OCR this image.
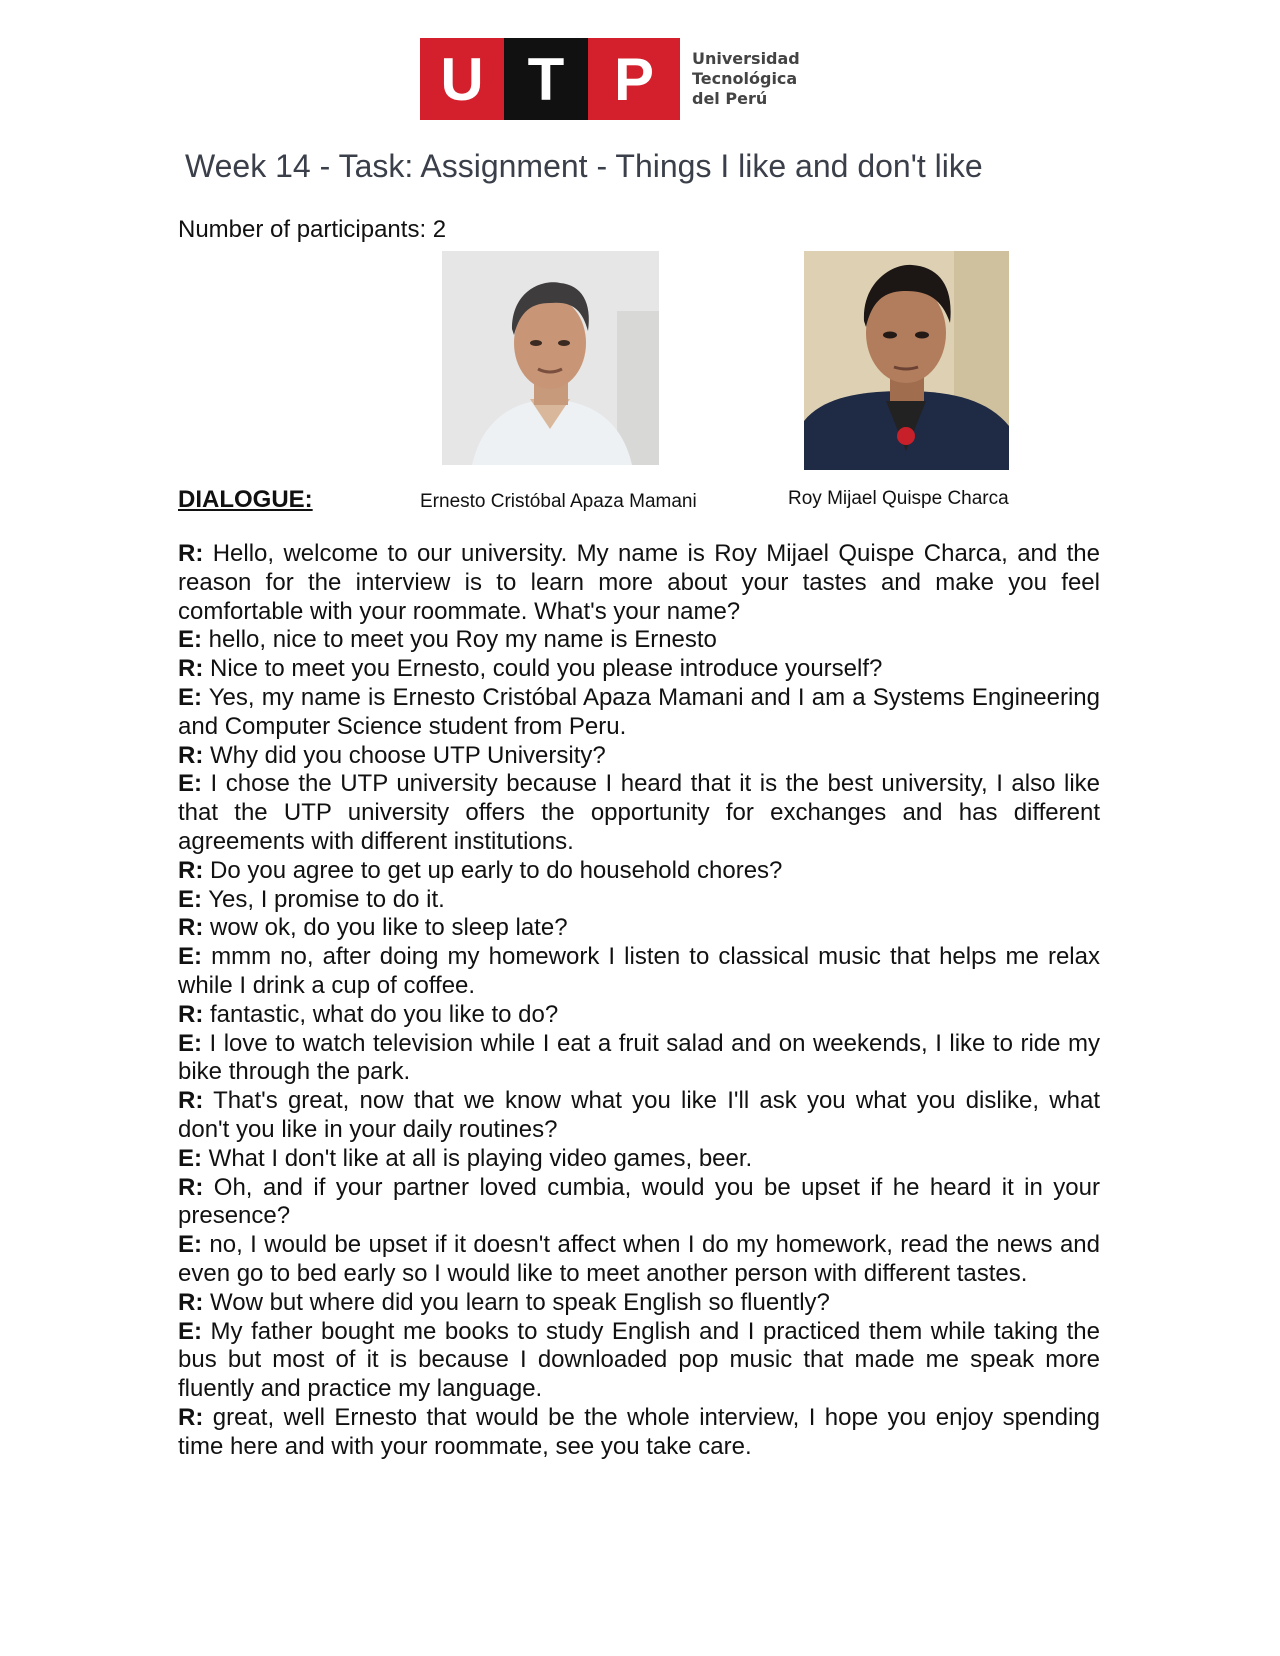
U T P Universidad
Tecnológica
del Perú
Week 14 - Task: Assignment - Things I like and don't like
Number of participants: 2
DIALOGUE:	Ernesto Cristóbal Apaza Mamani	Roy Mijael Quispe Charca

R: Hello, welcome to our university. My name is Roy Mijael Quispe Charca, and the reason for the interview is to learn more about your tastes and make you feel comfortable with your roommate. What's your name?

E: hello, nice to meet you Roy my name is Ernesto

R: Nice to meet you Ernesto, could you please introduce yourself?

E: Yes, my name is Ernesto Cristóbal Apaza Mamani and I am a Systems Engineering and Computer Science student from Peru.

R: Why did you choose UTP University?

E: I chose the UTP university because I heard that it is the best university, I also like that the UTP university offers the opportunity for exchanges and has different agreements with different institutions.

R: Do you agree to get up early to do household chores?

E: Yes, I promise to do it.

R: wow ok, do you like to sleep late?

E: mmm no, after doing my homework I listen to classical music that helps me relax while I drink a cup of coffee.

R: fantastic, what do you like to do?

E: I love to watch television while I eat a fruit salad and on weekends, I like to ride my bike through the park.

R: That's great, now that we know what you like I'll ask you what you dislike, what don't you like in your daily routines?

E: What I don't like at all is playing video games, beer.

R: Oh, and if your partner loved cumbia, would you be upset if he heard it in your presence?

E: no, I would be upset if it doesn't affect when I do my homework, read the news and even go to bed early so I would like to meet another person with different tastes.

R: Wow but where did you learn to speak English so fluently?

E: My father bought me books to study English and I practiced them while taking the bus but most of it is because I downloaded pop music that made me speak more fluently and practice my language.

R: great, well Ernesto that would be the whole interview, I hope you enjoy spending time here and with your roommate, see you take care.
